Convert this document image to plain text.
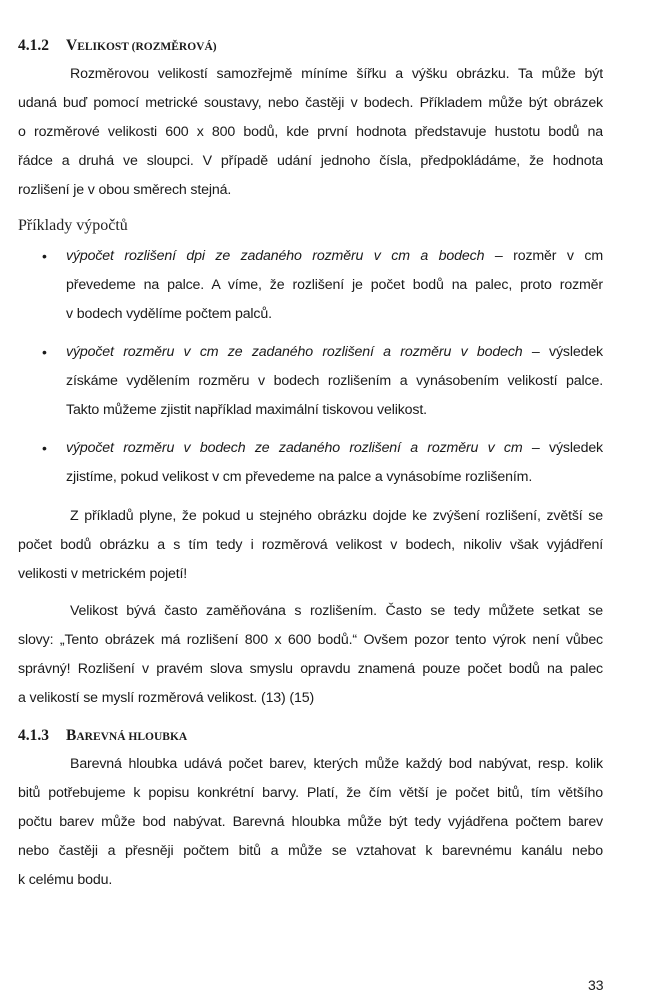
4.1.2 VELIKOST (ROZMĚROVÁ)
Rozměrovou velikostí samozřejmě míníme šířku a výšku obrázku. Ta může být
udaná buď pomocí metrické soustavy, nebo častěji v bodech. Příkladem může být obrázek
o rozměrové velikosti 600 x 800 bodů, kde první hodnota představuje hustotu bodů na
řádce a druhá ve sloupci. V případě udání jednoho čísla, předpokládáme, že hodnota
rozlišení je v obou směrech stejná.
Příklady výpočtů
• výpočet rozlišení dpi ze zadaného rozměru v cm a bodech – rozměr v cm
převedeme na palce. A víme, že rozlišení je počet bodů na palec, proto rozměr
v bodech vydělíme počtem palců.
• výpočet rozměru v cm ze zadaného rozlišení a rozměru v bodech – výsledek
získáme vydělením rozměru v bodech rozlišením a vynásobením velikostí palce.
Takto můžeme zjistit například maximální tiskovou velikost.
• výpočet rozměru v bodech ze zadaného rozlišení a rozměru v cm – výsledek
zjistíme, pokud velikost v cm převedeme na palce a vynásobíme rozlišením.
Z příkladů plyne, že pokud u stejného obrázku dojde ke zvýšení rozlišení, zvětší se
počet bodů obrázku a s tím tedy i rozměrová velikost v bodech, nikoliv však vyjádření
velikosti v metrickém pojetí!
Velikost bývá často zaměňována s rozlišením. Často se tedy můžete setkat se
slovy: „Tento obrázek má rozlišení 800 x 600 bodů.“ Ovšem pozor tento výrok není vůbec
správný! Rozlišení v pravém slova smyslu opravdu znamená pouze počet bodů na palec
a velikostí se myslí rozměrová velikost. (13) (15)
4.1.3 BAREVNÁ HLOUBKA
Barevná hloubka udává počet barev, kterých může každý bod nabývat, resp. kolik
bitů potřebujeme k popisu konkrétní barvy. Platí, že čím větší je počet bitů, tím většího
počtu barev může bod nabývat. Barevná hloubka může být tedy vyjádřena počtem barev
nebo častěji a přesněji počtem bitů a může se vztahovat k barevnému kanálu nebo
k celému bodu.
33
